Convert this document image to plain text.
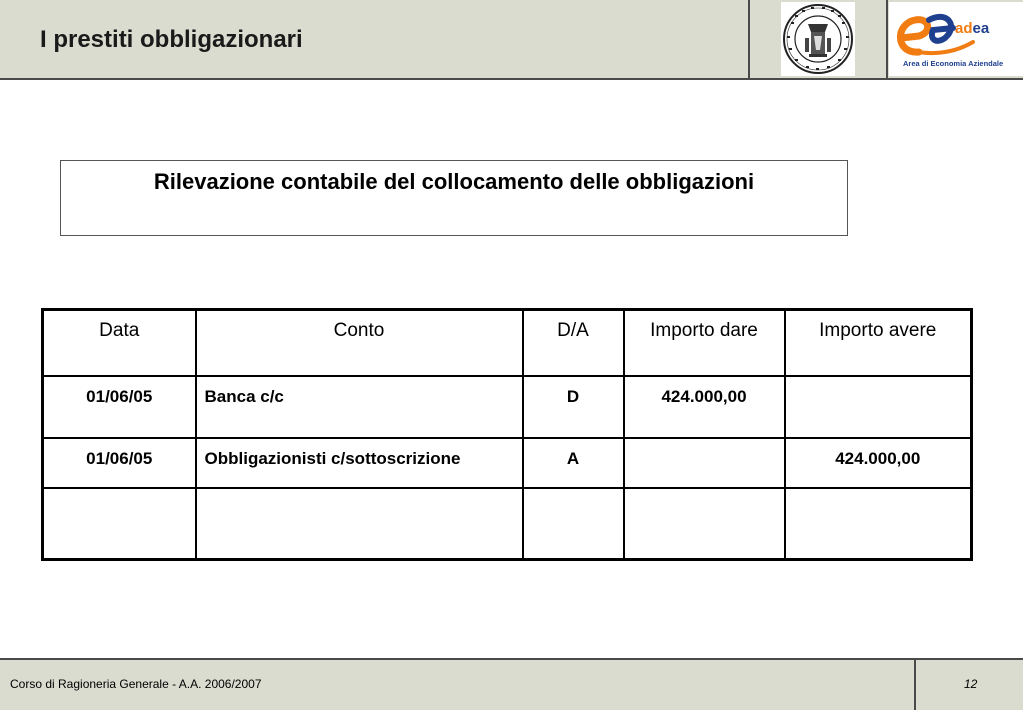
I prestiti obbligazionari	adea
Area di Economia Aziendale
Rilevazione contabile del collocamento delle obbligazioni
Data	Conto	D/A	Importo dare	Importo avere
01/06/05	Banca c/c	D	424.000,00	
01/06/05	Obbligazionisti c/sottoscrizione	A		424.000,00

Corso di Ragioneria Generale - A.A. 2006/2007	12
